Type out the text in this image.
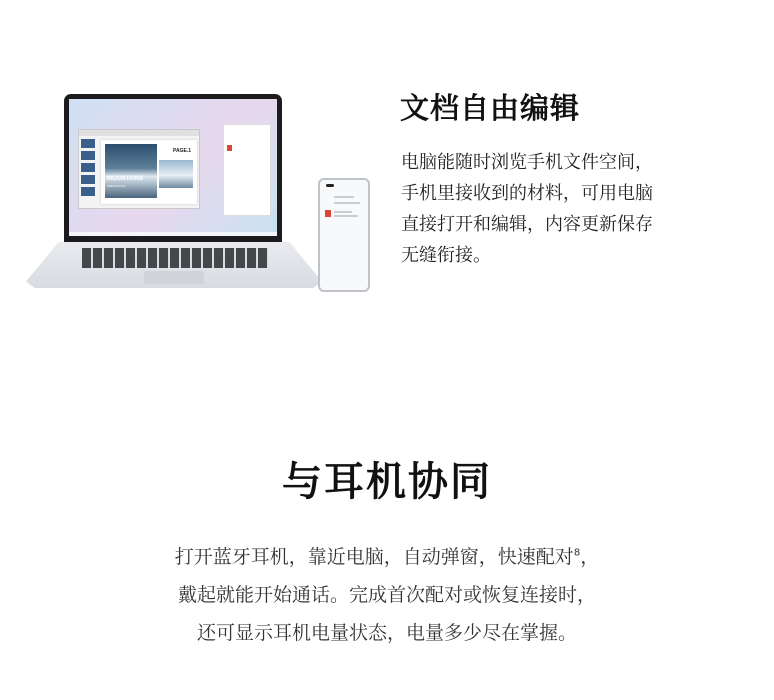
MOUNTAINS
AND ROCKS
PAGE.1
文档自由编辑
电脑能随时浏览手机文件空间，
手机里接收到的材料，可用电脑
直接打开和编辑，内容更新保存
无缝衔接。
与耳机协同
打开蓝牙耳机，靠近电脑，自动弹窗，快速配对$^8$，
戴起就能开始通话。完成首次配对或恢复连接时，
还可显示耳机电量状态，电量多少尽在掌握。
